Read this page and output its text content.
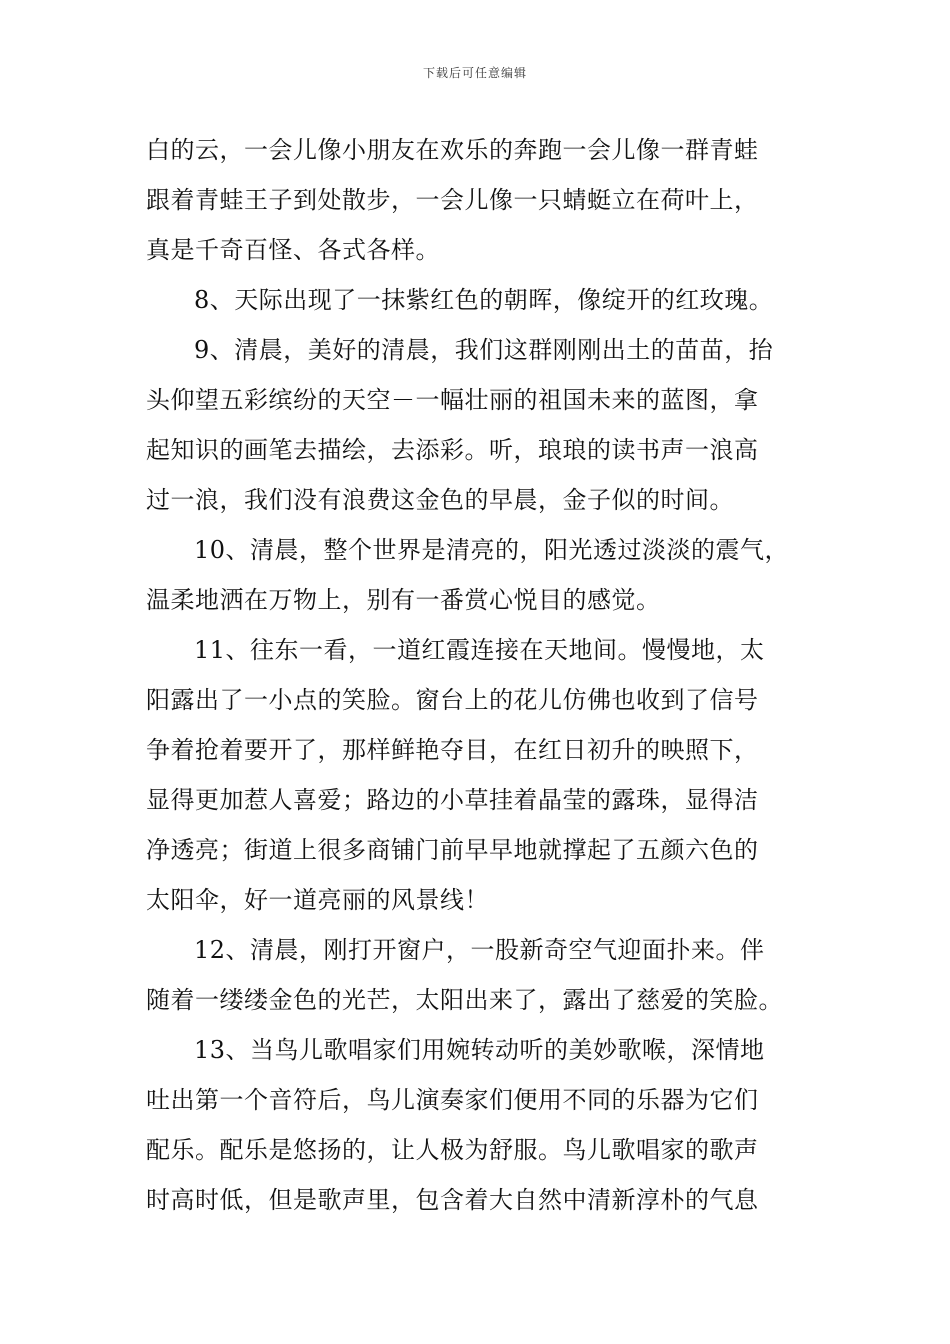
下载后可任意编辑
白的云，一会儿像小朋友在欢乐的奔跑一会儿像一群青蛙
跟着青蛙王子到处散步，一会儿像一只蜻蜓立在荷叶上，
真是千奇百怪、各式各样。
8、天际出现了一抹紫红色的朝晖，像绽开的红玫瑰。
9、清晨，美好的清晨，我们这群刚刚出土的苗苗，抬
头仰望五彩缤纷的天空－一幅壮丽的祖国未来的蓝图，拿
起知识的画笔去描绘，去添彩。听，琅琅的读书声一浪高
过一浪，我们没有浪费这金色的早晨，金子似的时间。
10、清晨，整个世界是清亮的，阳光透过淡淡的震气，
温柔地洒在万物上，别有一番赏心悦目的感觉。
11、往东一看，一道红霞连接在天地间。慢慢地，太
阳露出了一小点的笑脸。窗台上的花儿仿佛也收到了信号
争着抢着要开了，那样鲜艳夺目，在红日初升的映照下，
显得更加惹人喜爱；路边的小草挂着晶莹的露珠，显得洁
净透亮；街道上很多商铺门前早早地就撑起了五颜六色的
太阳伞，好一道亮丽的风景线！
12、清晨，刚打开窗户，一股新奇空气迎面扑来。伴
随着一缕缕金色的光芒，太阳出来了，露出了慈爱的笑脸。
13、当鸟儿歌唱家们用婉转动听的美妙歌喉，深情地
吐出第一个音符后，鸟儿演奏家们便用不同的乐器为它们
配乐。配乐是悠扬的，让人极为舒服。鸟儿歌唱家的歌声
时高时低，但是歌声里，包含着大自然中清新淳朴的气息
